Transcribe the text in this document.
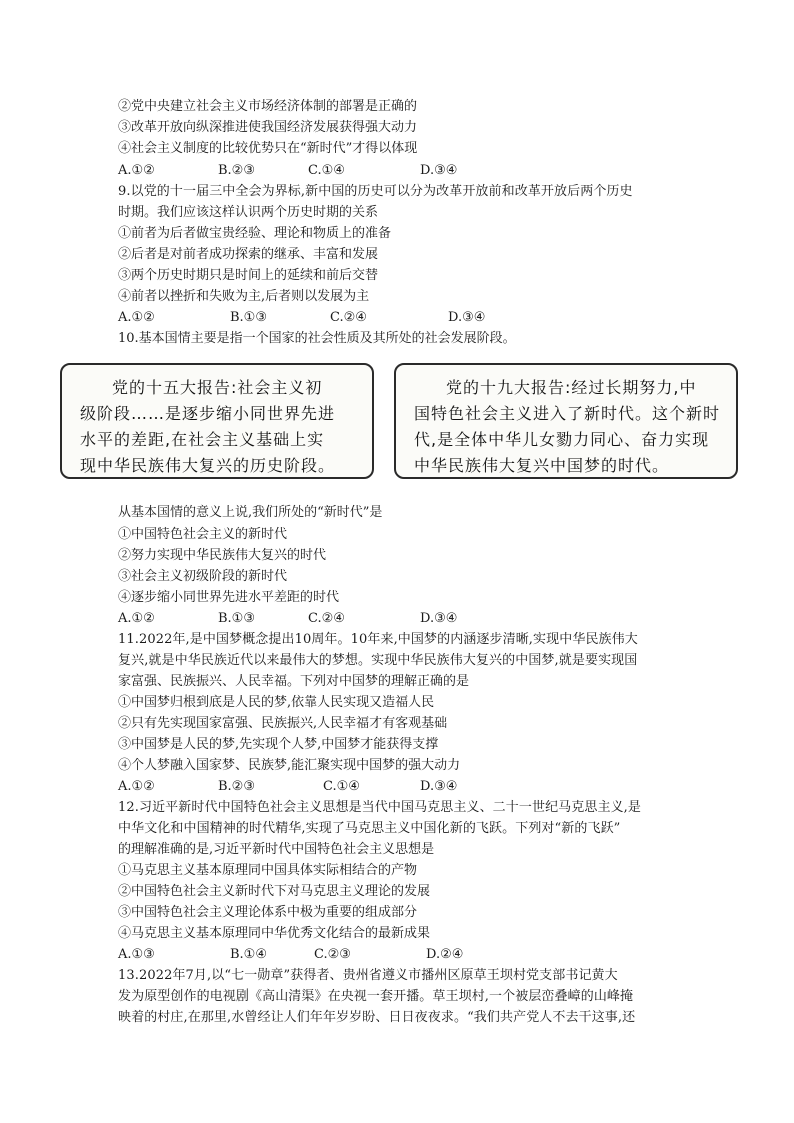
②党中央建立社会主义市场经济体制的部署是正确的
③改革开放向纵深推进使我国经济发展获得强大动力
④社会主义制度的比较优势只在“新时代”才得以体现
A.①②	B.②③	C.①④	D.③④
9.以党的十一届三中全会为界标,新中国的历史可以分为改革开放前和改革开放后两个历史
时期。我们应该这样认识两个历史时期的关系
①前者为后者做宝贵经验、理论和物质上的准备
②后者是对前者成功探索的继承、丰富和发展
③两个历史时期只是时间上的延续和前后交替
④前者以挫折和失败为主,后者则以发展为主
A.①②	B.①③	C.②④	D.③④
10.基本国情主要是指一个国家的社会性质及其所处的社会发展阶段。
党的十五大报告:社会主义初
级阶段……是逐步缩小同世界先进
水平的差距,在社会主义基础上实
现中华民族伟大复兴的历史阶段。
党的十九大报告:经过长期努力,中
国特色社会主义进入了新时代。这个新时
代,是全体中华儿女勠力同心、奋力实现
中华民族伟大复兴中国梦的时代。
从基本国情的意义上说,我们所处的“新时代”是
①中国特色社会主义的新时代
②努力实现中华民族伟大复兴的时代
③社会主义初级阶段的新时代
④逐步缩小同世界先进水平差距的时代
A.①②	B.①③	C.②④	D.③④
11.2022年,是中国梦概念提出10周年。10年来,中国梦的内涵逐步清晰,实现中华民族伟大
复兴,就是中华民族近代以来最伟大的梦想。实现中华民族伟大复兴的中国梦,就是要实现国
家富强、民族振兴、人民幸福。下列对中国梦的理解正确的是
①中国梦归根到底是人民的梦,依靠人民实现又造福人民
②只有先实现国家富强、民族振兴,人民幸福才有客观基础
③中国梦是人民的梦,先实现个人梦,中国梦才能获得支撑
④个人梦融入国家梦、民族梦,能汇聚实现中国梦的强大动力
A.①②	B.②③	C.①④	D.③④
12.习近平新时代中国特色社会主义思想是当代中国马克思主义、二十一世纪马克思主义,是
中华文化和中国精神的时代精华,实现了马克思主义中国化新的飞跃。下列对“新的飞跃”
的理解准确的是,习近平新时代中国特色社会主义思想是
①马克思主义基本原理同中国具体实际相结合的产物
②中国特色社会主义新时代下对马克思主义理论的发展
③中国特色社会主义理论体系中极为重要的组成部分
④马克思主义基本原理同中华优秀文化结合的最新成果
A.①③	B.①④	C.②③	D.②④
13.2022年7月,以“七一勋章”获得者、贵州省遵义市播州区原草王坝村党支部书记黄大
发为原型创作的电视剧《高山清渠》在央视一套开播。草王坝村,一个被层峦叠嶂的山峰掩
映着的村庄,在那里,水曾经让人们年年岁岁盼、日日夜夜求。“我们共产党人不去干这事,还
